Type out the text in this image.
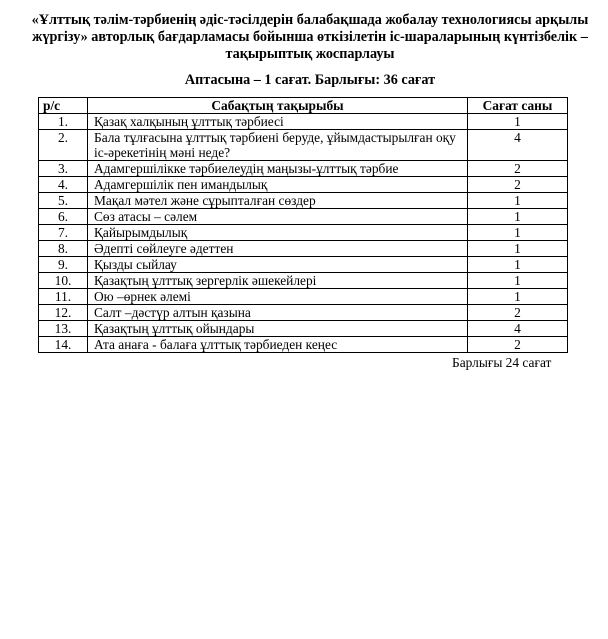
«Ұлттық тәлім-тәрбиенің әдіс-тәсілдерін балабақшада жобалау технологиясы арқылы жүргізу» авторлық бағдарламасы бойынша өткізілетін іс-шараларының күнтізбелік – тақырыптық жоспарлауы
Аптасына – 1 сағат. Барлығы: 36 сағат
р/с	Сабақтың тақырыбы	Сағат саны
1.	Қазақ халқының ұлттық тәрбиесі	1
2.	Бала тұлғасына ұлттық тәрбиені беруде, ұйымдастырылған оқу іс-әрекетінің мәні неде?	4
3.	Адамгершілікке тәрбиелеудің маңызы-ұлттық тәрбие	2
4.	Адамгершілік пен имандылық	2
5.	Мақал мәтел және сұрыпталған сөздер	1
6.	Сөз атасы – сәлем	1
7.	Қайырымдылық	1
8.	Әдепті сөйлеуге әдеттен	1
9.	Қызды сыйлау	1
10.	Қазақтың ұлттық зергерлік әшекейлері	1
11.	Ою –өрнек әлемі	1
12.	Салт –дәстүр алтын қазына	2
13.	Қазақтың ұлттық ойындары	4
14.	Ата анаға - балаға ұлттық тәрбиеден кеңес	2
Барлығы 24 сағат
